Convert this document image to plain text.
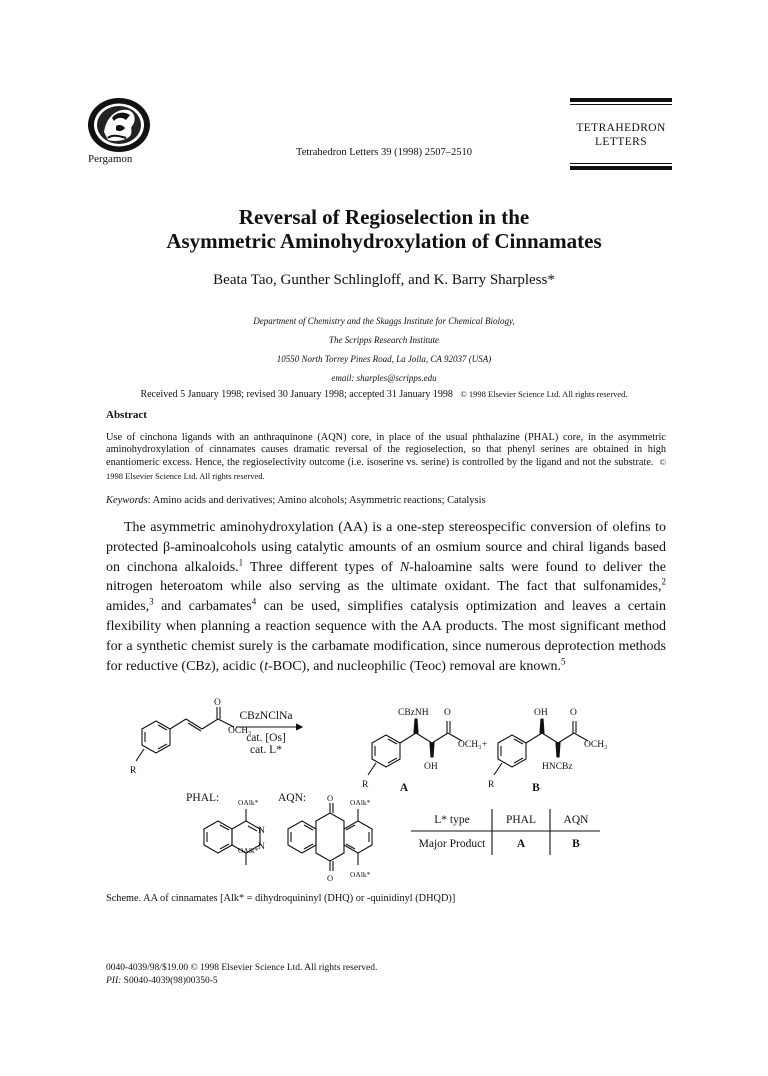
Pergamon
Tetrahedron Letters 39 (1998) 2507–2510
TETRAHEDRON
LETTERS
Reversal of Regioselection in the
Asymmetric Aminohydroxylation of Cinnamates
Beata Tao, Gunther Schlingloff, and K. Barry Sharpless*
Department of Chemistry and the Skaggs Institute for Chemical Biology,
The Scripps Research Institute
10550 North Torrey Pines Road, La Jolla, CA 92037 (USA)
email: sharples@scripps.edu
Received 5 January 1998; revised 30 January 1998; accepted 31 January 1998 © 1998 Elsevier Science Ltd. All rights reserved.
Abstract
Use of cinchona ligands with an anthraquinone (AQN) core, in place of the usual phthalazine (PHAL) core, in the asymmetric aminohydroxylation of cinnamates causes dramatic reversal of the regioselection, so that phenyl serines are obtained in high enantiomeric excess. Hence, the regioselectivity outcome (i.e. isoserine vs. serine) is controlled by the ligand and not the substrate. © 1998 Elsevier Science Ltd. All rights reserved.
Keywords: Amino acids and derivatives; Amino alcohols; Asymmetric reactions; Catalysis
The asymmetric aminohydroxylation (AA) is a one-step stereospecific conversion of olefins to protected β-aminoalcohols using catalytic amounts of an osmium source and chiral ligands based on cinchona alkaloids.$^1$ Three different types of N-haloamine salts were found to deliver the nitrogen heteroatom while also serving as the ultimate oxidant. The fact that sulfonamides,$^2$ amides,$^3$ and carbamates$^4$ can be used, simplifies catalysis optimization and leaves a certain flexibility when planning a reaction sequence with the AA products. The most significant method for a synthetic chemist surely is the carbamate modification, since numerous deprotection methods for reductive (CBz), acidic (t-BOC), and nucleophilic (Teoc) removal are known.$^5$
O
OCH₃
R
CBzNH O
OCH₃
OH
R
+
OH O
OCH₃
HNCBz
R
OAlk*
OAlk*
N
N
O
O
OAlk*
OAlk*
CBzNClNa
cat. [Os]
cat. L*
A	B
PHAL:	AQN:
L* type	PHAL AQN
Major Product	A	B
Scheme. AA of cinnamates [Alk* = dihydroquininyl (DHQ) or -quinidinyl (DHQD)]
0040-4039/98/$19.00 © 1998 Elsevier Science Ltd. All rights reserved.
PII: S0040-4039(98)00350-5
